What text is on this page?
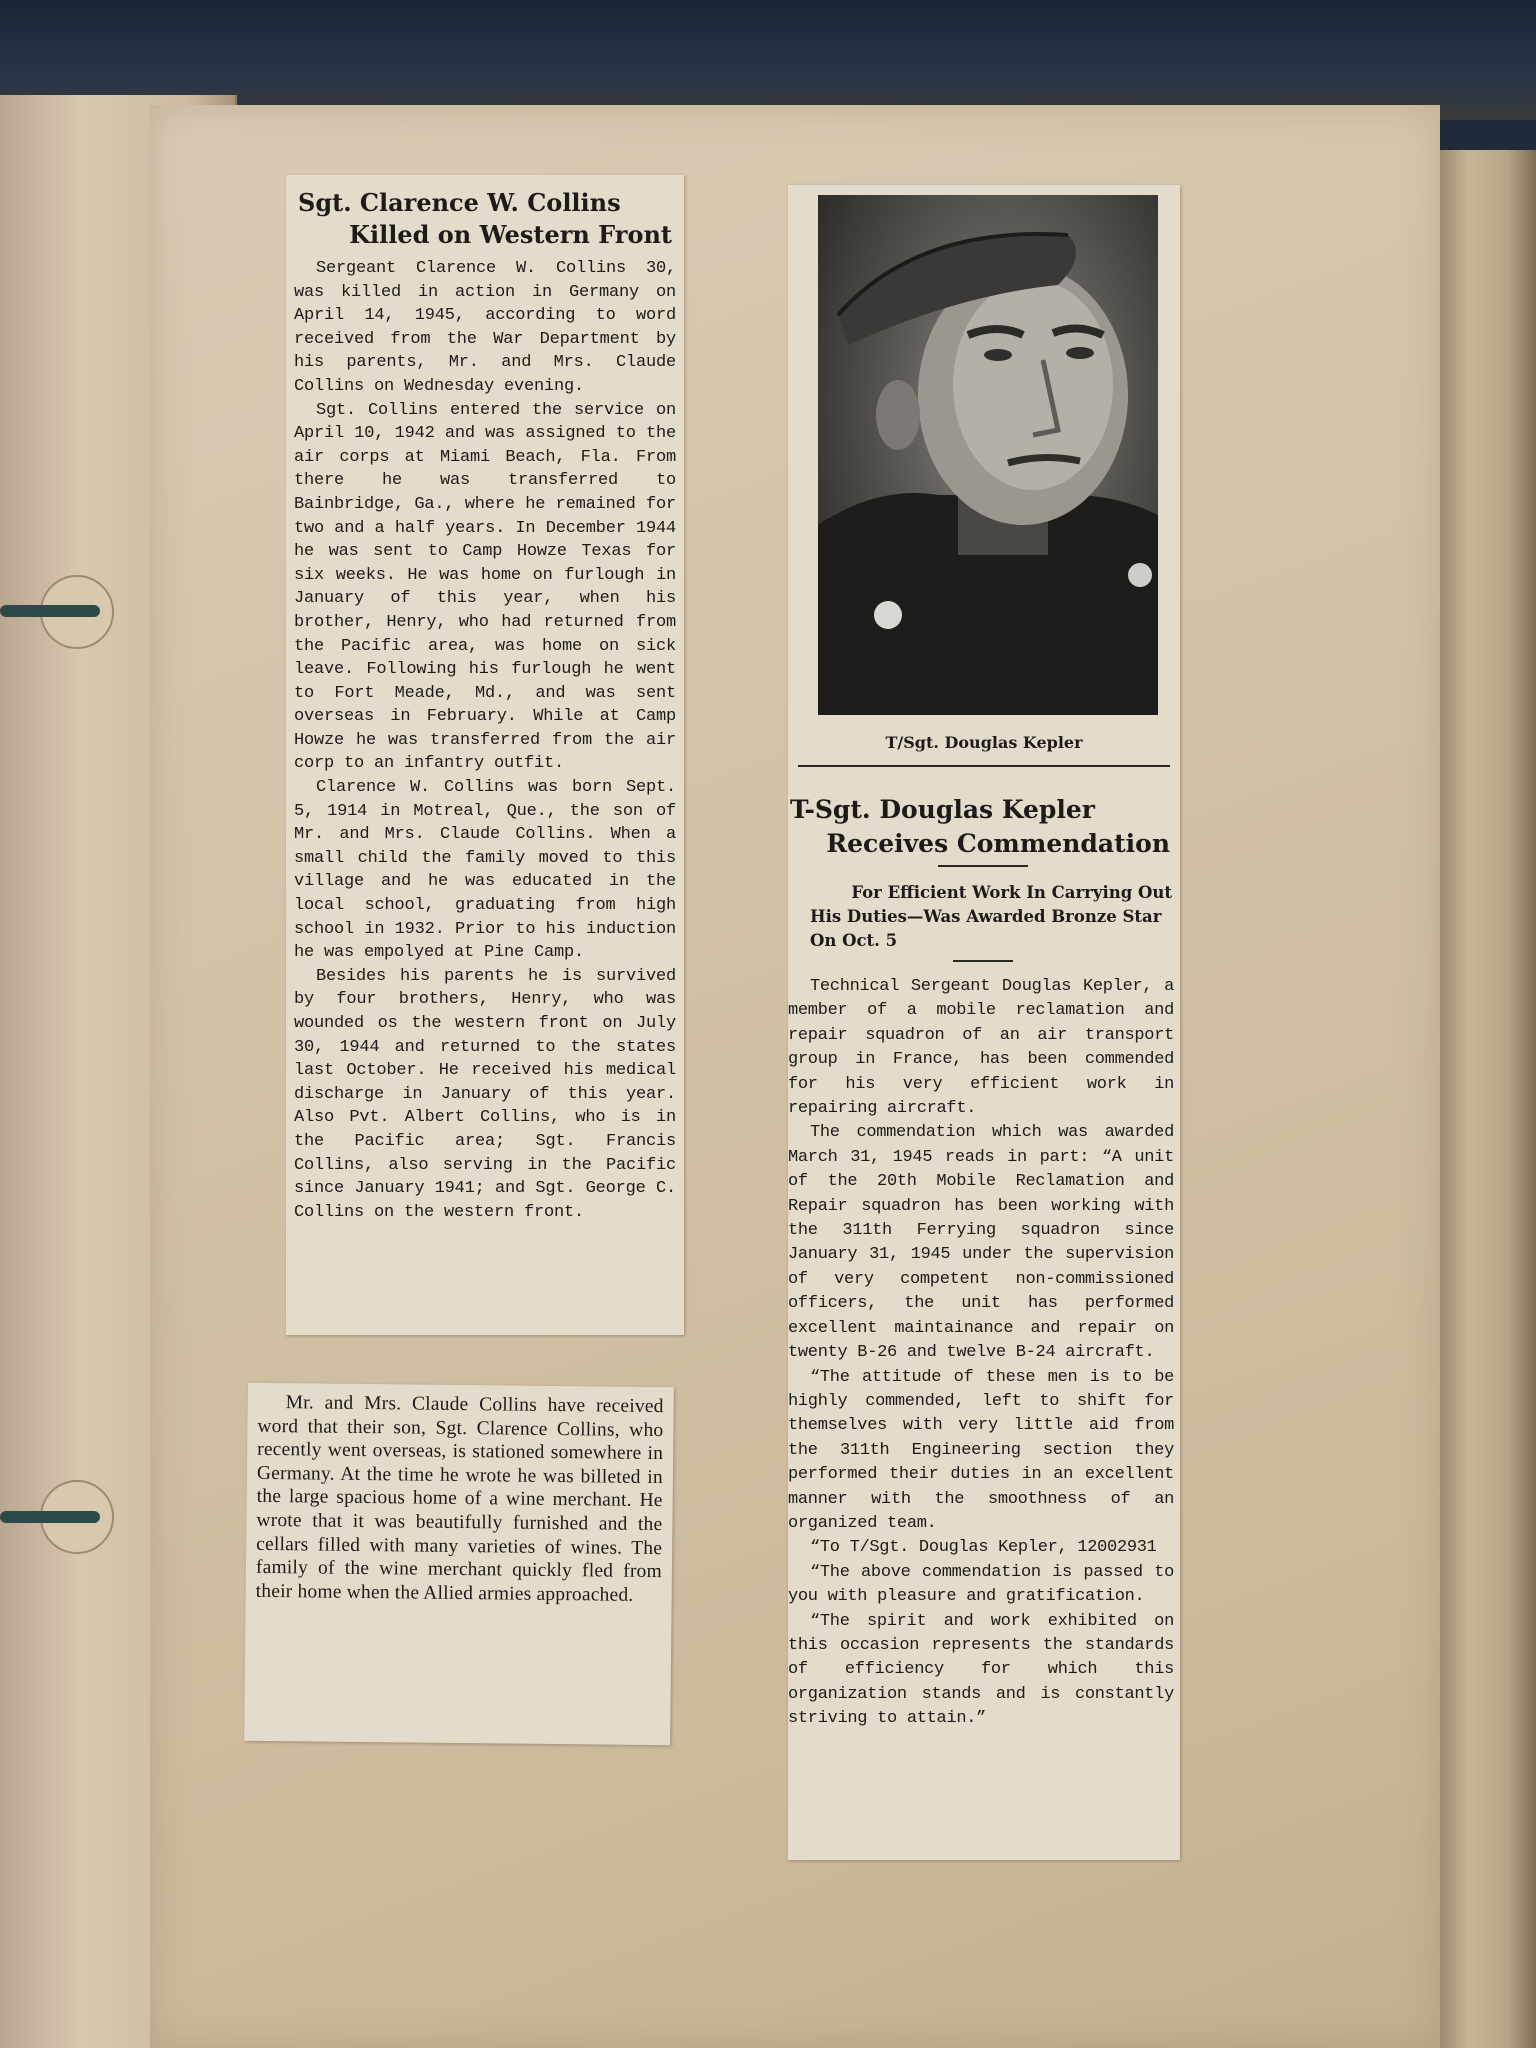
Sgt. Clarence W. Collins
Killed on Western Front

Sergeant Clarence W. Collins 30, was killed in action in Germany on April 14, 1945, according to word received from the War Department by his parents, Mr. and Mrs. Claude Collins on Wednesday evening.

Sgt. Collins entered the service on April 10, 1942 and was assigned to the air corps at Miami Beach, Fla. From there he was transferred to Bainbridge, Ga., where he remained for two and a half years. In December 1944 he was sent to Camp Howze Texas for six weeks. He was home on furlough in January of this year, when his brother, Henry, who had returned from the Pacific area, was home on sick leave. Following his furlough he went to Fort Meade, Md., and was sent overseas in February. While at Camp Howze he was transferred from the air corp to an infantry outfit.

Clarence W. Collins was born Sept. 5, 1914 in Motreal, Que., the son of Mr. and Mrs. Claude Collins. When a small child the family moved to this village and he was educated in the local school, graduating from high school in 1932. Prior to his induction he was empolyed at Pine Camp.

Besides his parents he is survived by four brothers, Henry, who was wounded os the western front on July 30, 1944 and returned to the states last October. He received his medical discharge in January of this year. Also Pvt. Albert Collins, who is in the Pacific area; Sgt. Francis Collins, also serving in the Pacific since January 1941; and Sgt. George C. Collins on the western front.

Mr. and Mrs. Claude Collins have received word that their son, Sgt. Clarence Collins, who recently went overseas, is stationed somewhere in Germany. At the time he wrote he was billeted in the large spacious home of a wine merchant. He wrote that it was beautifully furnished and the cellars filled with many varieties of wines. The family of the wine merchant quickly fled from their home when the Allied armies approached.

T/Sgt. Douglas Kepler
T-Sgt. Douglas Kepler
Receives Commendation
For Efficient Work In Carrying Out
His Duties—Was Awarded Bronze Star On Oct. 5

Technical Sergeant Douglas Kepler, a member of a mobile reclamation and repair squadron of an air transport group in France, has been commended for his very efficient work in repairing aircraft.

The commendation which was awarded March 31, 1945 reads in part: “A unit of the 20th Mobile Reclamation and Repair squadron has been working with the 311th Ferrying squadron since January 31, 1945 under the supervision of very competent non-commissioned officers, the unit has performed excellent maintainance and repair on twenty B-26 and twelve B-24 aircraft.

“The attitude of these men is to be highly commended, left to shift for themselves with very little aid from the 311th Engineering section they performed their duties in an excellent manner with the smoothness of an organized team.

“To T/Sgt. Douglas Kepler, 12002931

“The above commendation is passed to you with pleasure and gratification.

“The spirit and work exhibited on this occasion represents the standards of efficiency for which this organization stands and is constantly striving to attain.”
